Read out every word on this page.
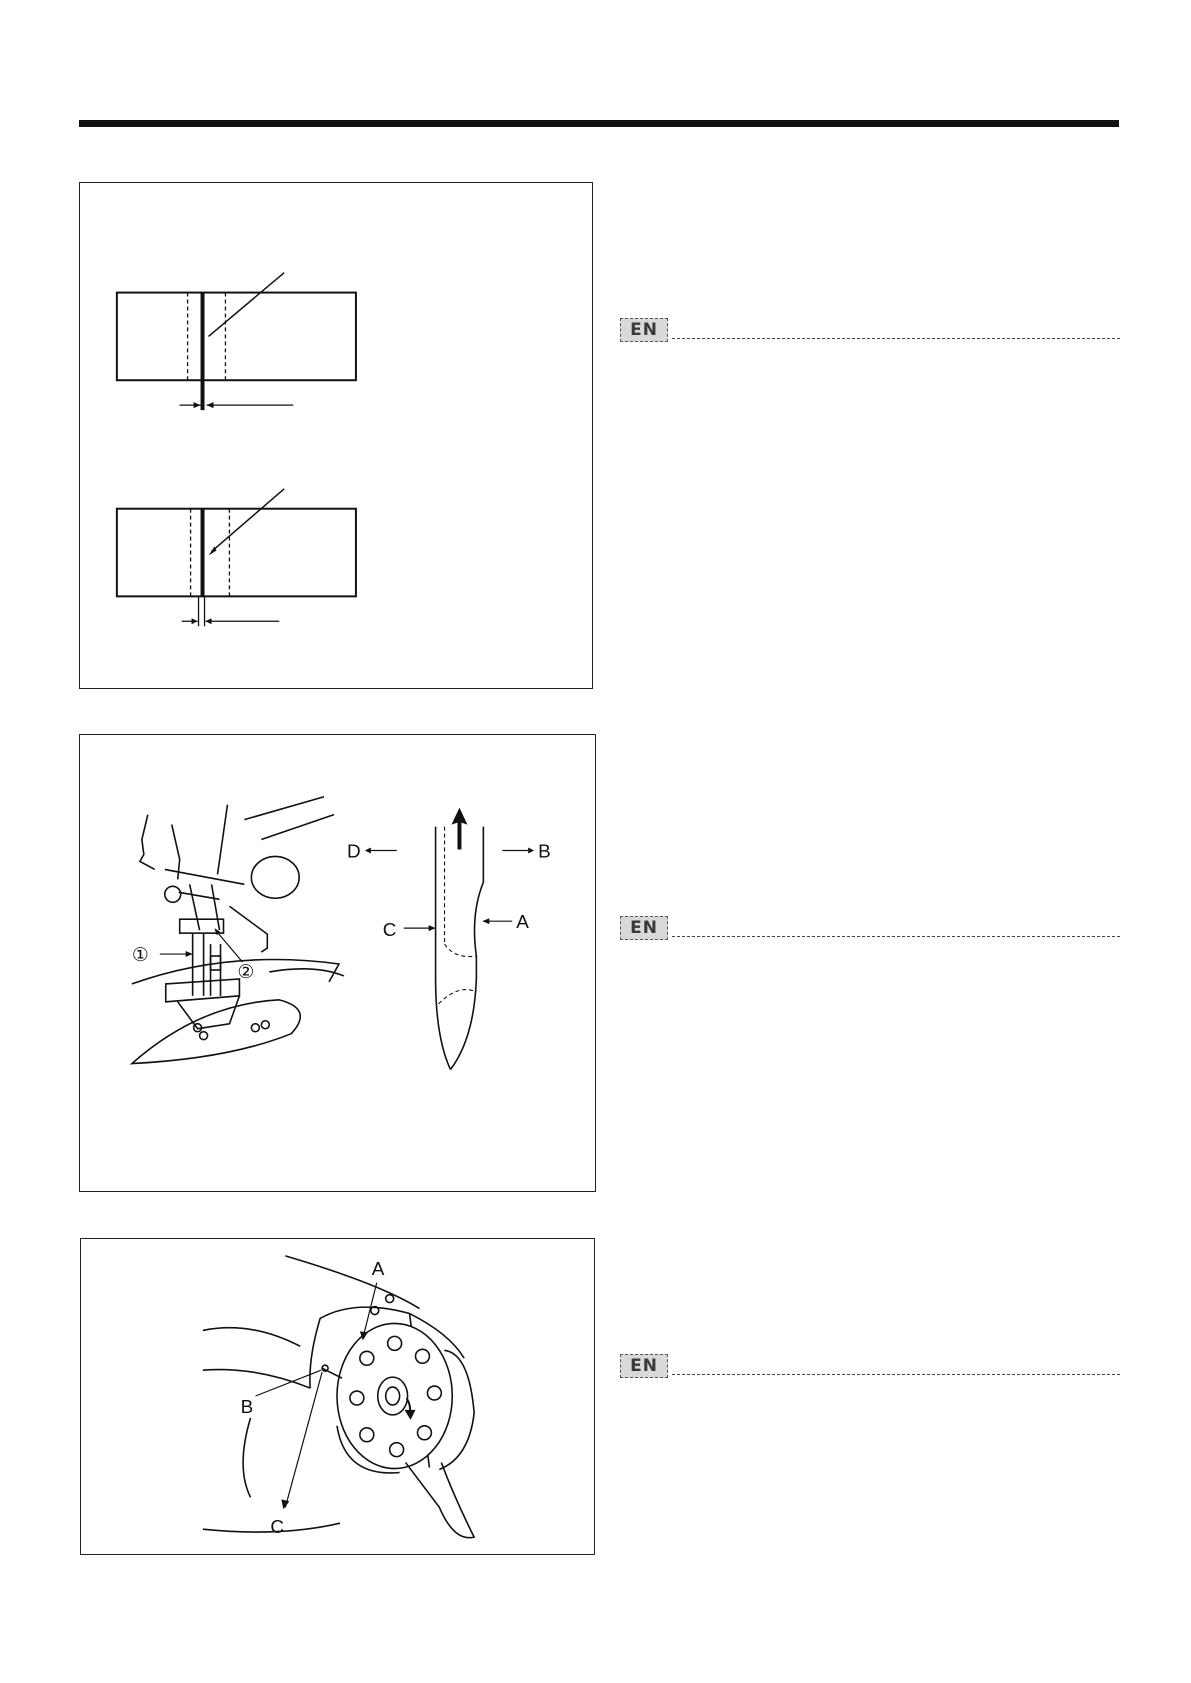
EN
①
②
D	B
A
C	EN
A
B
C
EN
